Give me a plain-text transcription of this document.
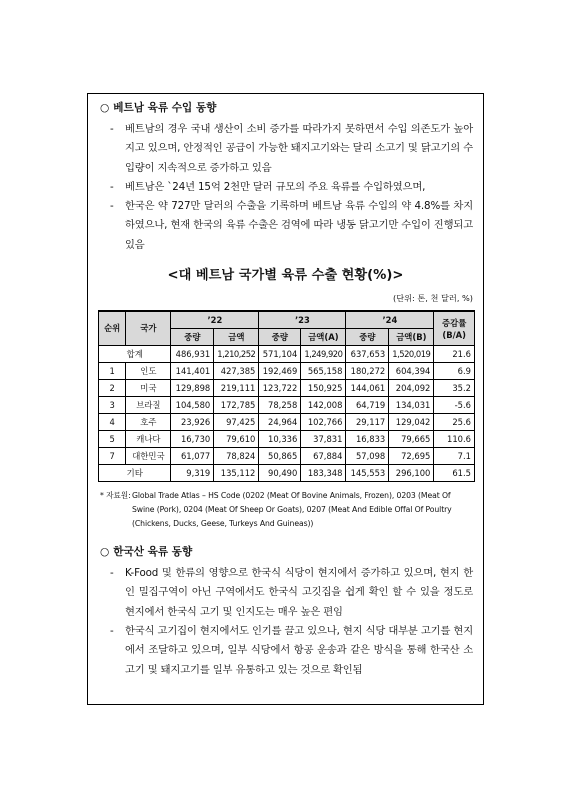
○ 베트남 육류 수입 동향
- 베트남의 경우 국내 생산이 소비 증가를 따라가지 못하면서 수입 의존도가 높아지고 있으며, 안정적인 공급이 가능한 돼지고기와는 달리 소고기 및 닭고기의 수입량이 지속적으로 증가하고 있음
- 베트남은 `24년 15억 2천만 달러 규모의 주요 육류를 수입하였으며,
- 한국은 약 727만 달러의 수출을 기록하며 베트남 육류 수입의 약 4.8%를 차지하였으나, 현재 한국의 육류 수출은 검역에 따라 냉동 닭고기만 수입이 진행되고 있음
<대 베트남 국가별 육류 수출 현황(%)>
(단위: 톤, 천 달러, %)
순위	국가	’22		’23		’24		증감률
(B/A)

		중량	금액	중량	금액(A)	중량	금액(B)	
합계		486,931	1,210,252	571,104	1,249,920	637,653	1,520,019	21.6
1	인도	141,401	427,385	192,469	565,158	180,272	604,394	6.9
2	미국	129,898	219,111	123,722	150,925	144,061	204,092	35.2
3	브라질	104,580	172,785	78,258	142,008	64,719	134,031	-5.6
4	호주	23,926	97,425	24,964	102,766	29,117	129,042	25.6
5	캐나다	16,730	79,610	10,336	37,831	16,833	79,665	110.6
7	대한민국	61,077	78,824	50,865	67,884	57,098	72,695	7.1
기타		9,319	135,112	90,490	183,348	145,553	296,100	61.5
* 자료원: Global Trade Atlas – HS Code (0202 (Meat Of Bovine Animals, Frozen), 0203 (Meat Of Swine (Pork), 0204 (Meat Of Sheep Or Goats), 0207 (Meat And Edible Offal Of Poultry (Chickens, Ducks, Geese, Turkeys And Guineas))
○ 한국산 육류 동향
- K-Food 및 한류의 영향으로 한국식 식당이 현지에서 증가하고 있으며, 현지 한인 밀집구역이 아닌 구역에서도 한국식 고깃집을 쉽게 확인 할 수 있을 정도로 현지에서 한국식 고기 및 인지도는 매우 높은 편임
- 한국식 고기집이 현지에서도 인기를 끌고 있으나, 현지 식당 대부분 고기를 현지에서 조달하고 있으며, 일부 식당에서 항공 운송과 같은 방식을 통해 한국산 소고기 및 돼지고기를 일부 유통하고 있는 것으로 확인됨
